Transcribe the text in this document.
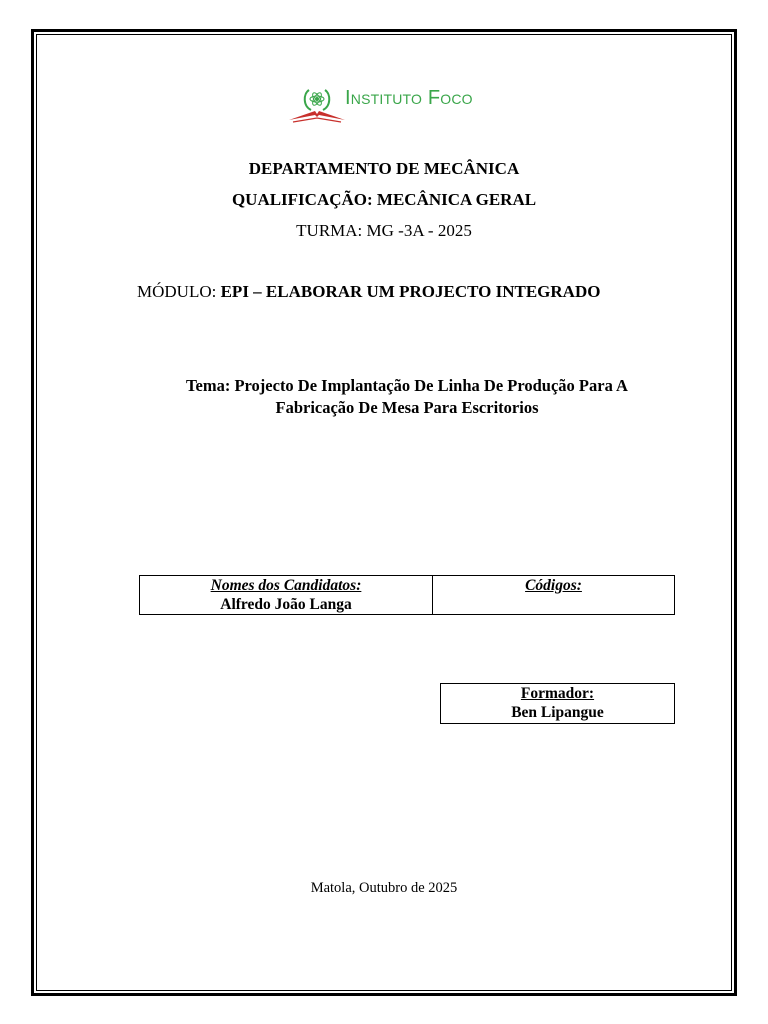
Instituto Foco
DEPARTAMENTO DE MECÂNICA
QUALIFICAÇÃO: MECÂNICA GERAL
TURMA: MG -3A - 2025
MÓDULO: EPI – ELABORAR UM PROJECTO INTEGRADO
Tema: Projecto De Implantação De Linha De Produção Para A
Fabricação De Mesa Para Escritorios
Nomes dos Candidatos:
Alfredo João Langa

Códigos:
Formador:
Ben Lipangue
Matola, Outubro de 2025
